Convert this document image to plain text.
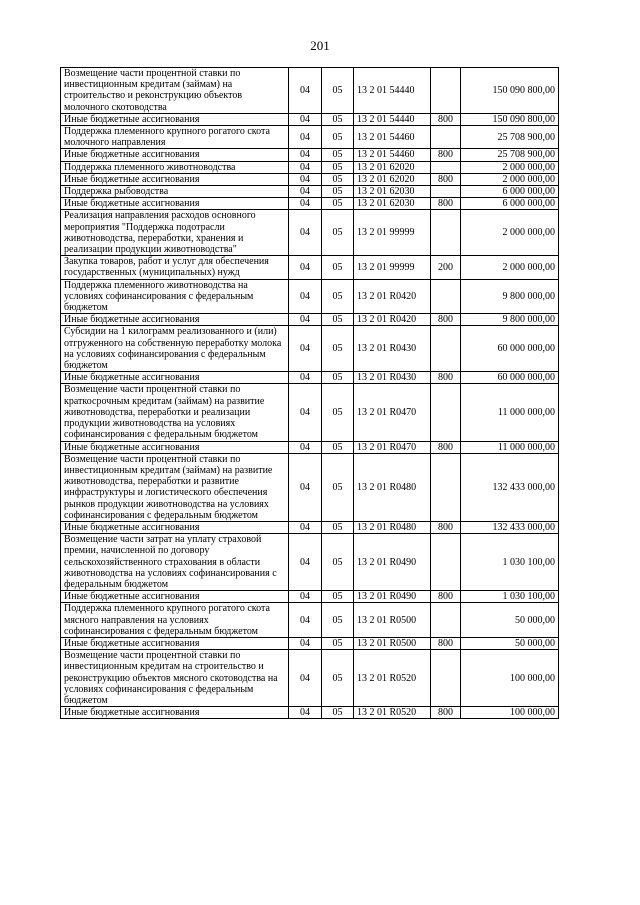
201
Возмещение части процентной ставки по инвестиционным кредитам (займам) на строительство и реконструкцию объектов молочного скотоводства	04	05	13 2 01 54440		150 090 800,00
Иные бюджетные ассигнования	04	05	13 2 01 54440	800	150 090 800,00
Поддержка племенного крупного рогатого скота молочного направления	04	05	13 2 01 54460		25 708 900,00
Иные бюджетные ассигнования	04	05	13 2 01 54460	800	25 708 900,00
Поддержка племенного животноводства	04	05	13 2 01 62020		2 000 000,00
Иные бюджетные ассигнования	04	05	13 2 01 62020	800	2 000 000,00
Поддержка рыбоводства	04	05	13 2 01 62030		6 000 000,00
Иные бюджетные ассигнования	04	05	13 2 01 62030	800	6 000 000,00
Реализация направления расходов основного мероприятия "Поддержка подотрасли животноводства, переработки, хранения и реализации продукции животноводства"	04	05	13 2 01 99999		2 000 000,00
Закупка товаров, работ и услуг для обеспечения государственных (муниципальных) нужд	04	05	13 2 01 99999	200	2 000 000,00
Поддержка племенного животноводства на условиях софинансирования с федеральным бюджетом	04	05	13 2 01 R0420		9 800 000,00
Иные бюджетные ассигнования	04	05	13 2 01 R0420	800	9 800 000,00
Субсидии на 1 килограмм реализованного и (или) отгруженного на собственную переработку молока на условиях софинансирования с федеральным бюджетом	04	05	13 2 01 R0430		60 000 000,00
Иные бюджетные ассигнования	04	05	13 2 01 R0430	800	60 000 000,00
Возмещение части процентной ставки по краткосрочным кредитам (займам) на развитие животноводства, переработки и реализации продукции животноводства на условиях софинансирования с федеральным бюджетом	04	05	13 2 01 R0470		11 000 000,00
Иные бюджетные ассигнования	04	05	13 2 01 R0470	800	11 000 000,00
Возмещение части процентной ставки по инвестиционным кредитам (займам) на развитие животноводства, переработки и развитие инфраструктуры и логистического обеспечения рынков продукции животноводства на условиях софинансирования с федеральным бюджетом	04	05	13 2 01 R0480		132 433 000,00
Иные бюджетные ассигнования	04	05	13 2 01 R0480	800	132 433 000,00
Возмещение части затрат на уплату страховой премии, начисленной по договору сельскохозяйственного страхования в области животноводства на условиях софинансирования с федеральным бюджетом	04	05	13 2 01 R0490		1 030 100,00
Иные бюджетные ассигнования	04	05	13 2 01 R0490	800	1 030 100,00
Поддержка племенного крупного рогатого скота мясного направления на условиях софинансирования с федеральным бюджетом	04	05	13 2 01 R0500		50 000,00
Иные бюджетные ассигнования	04	05	13 2 01 R0500	800	50 000,00
Возмещение части процентной ставки по инвестиционным кредитам на строительство и реконструкцию объектов мясного скотоводства на условиях софинансирования с федеральным бюджетом	04	05	13 2 01 R0520		100 000,00
Иные бюджетные ассигнования	04	05	13 2 01 R0520	800	100 000,00
